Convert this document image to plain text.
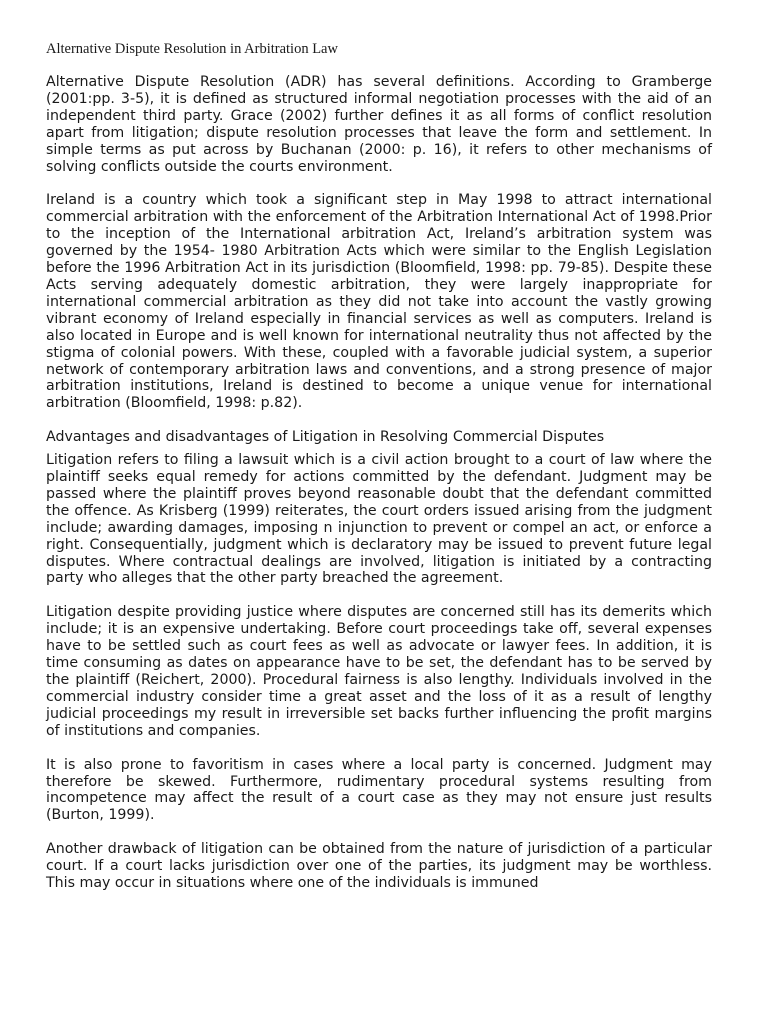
Alternative Dispute Resolution in Arbitration Law

Alternative Dispute Resolution (ADR) has several definitions. According to Gramberge (2001:pp. 3-5), it is defined as structured informal negotiation processes with the aid of an independent third party. Grace (2002) further defines it as all forms of conflict resolution apart from litigation; dispute resolution processes that leave the form and settlement. In simple terms as put across by Buchanan (2000: p. 16), it refers to other mechanisms of solving conflicts outside the courts environment.

Ireland is a country which took a significant step in May 1998 to attract international commercial arbitration with the enforcement of the Arbitration International Act of 1998.Prior to the inception of the International arbitration Act, Ireland’s arbitration system was governed by the 1954- 1980 Arbitration Acts which were similar to the English Legislation before the 1996 Arbitration Act in its jurisdiction (Bloomfield, 1998: pp. 79-85). Despite these Acts serving adequately domestic arbitration, they were largely inappropriate for international commercial arbitration as they did not take into account the vastly growing vibrant economy of Ireland especially in financial services as well as computers. Ireland is also located in Europe and is well known for international neutrality thus not affected by the stigma of colonial powers. With these, coupled with a favorable judicial system, a superior network of contemporary arbitration laws and conventions, and a strong presence of major arbitration institutions, Ireland is destined to become a unique venue for international arbitration (Bloomfield, 1998: p.82).

Advantages and disadvantages of Litigation in Resolving Commercial Disputes

Litigation refers to filing a lawsuit which is a civil action brought to a court of law where the plaintiff seeks equal remedy for actions committed by the defendant. Judgment may be passed where the plaintiff proves beyond reasonable doubt that the defendant committed the offence. As Krisberg (1999) reiterates, the court orders issued arising from the judgment include; awarding damages, imposing n injunction to prevent or compel an act, or enforce a right. Consequentially, judgment which is declaratory may be issued to prevent future legal disputes. Where contractual dealings are involved, litigation is initiated by a contracting party who alleges that the other party breached the agreement.

Litigation despite providing justice where disputes are concerned still has its demerits which include; it is an expensive undertaking. Before court proceedings take off, several expenses have to be settled such as court fees as well as advocate or lawyer fees. In addition, it is time consuming as dates on appearance have to be set, the defendant has to be served by the plaintiff (Reichert, 2000). Procedural fairness is also lengthy. Individuals involved in the commercial industry consider time a great asset and the loss of it as a result of lengthy judicial proceedings my result in irreversible set backs further influencing the profit margins of institutions and companies.

It is also prone to favoritism in cases where a local party is concerned. Judgment may therefore be skewed. Furthermore, rudimentary procedural systems resulting from incompetence may affect the result of a court case as they may not ensure just results (Burton, 1999).

Another drawback of litigation can be obtained from the nature of jurisdiction of a particular court. If a court lacks jurisdiction over one of the parties, its judgment may be worthless. This may occur in situations where one of the individuals is immuned
